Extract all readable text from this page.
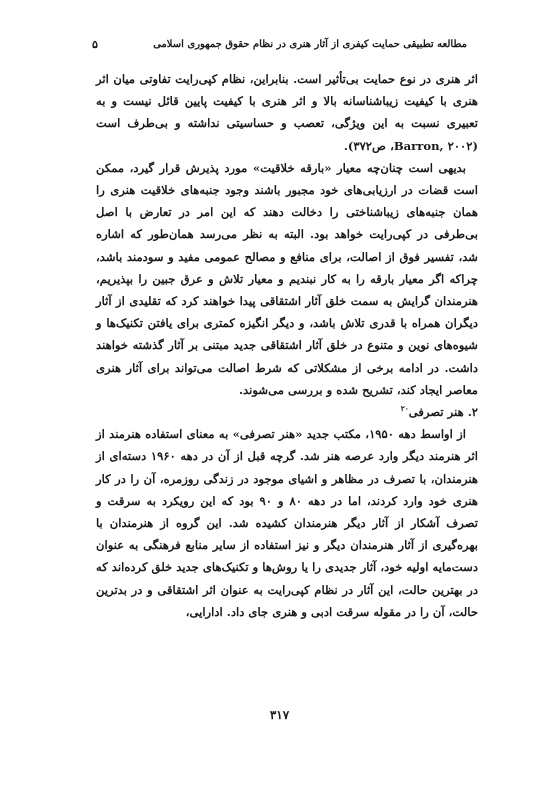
مطالعه تطبیقی حمایت کیفری از آثار هنری در نظام حقوق جمهوری اسلامی
۵

اثر هنری در نوع حمایت بی‌تأثیر است. بنابراین، نظام کپی‌رایت تفاوتی میان اثر هنری با کیفیت زیباشناسانه بالا و اثر هنری با کیفیت پایین قائل نیست و به تعبیری نسبت به این ویژگی، تعصب و حساسیتی نداشته و بی‌طرف است (Barron, ۲۰۰۲، ص۳۷۲).

بدیهی است چنان‌چه معیار «بارقه خلاقیت» مورد پذیرش قرار گیرد، ممکن است قضات در ارزیابی‌های خود مجبور باشند وجود جنبه‌های خلاقیت هنری را همان جنبه‌های زیباشناختی را دخالت دهند که این امر در تعارض با اصل بی‌طرفی در کپی‌رایت خواهد بود. البته به نظر می‌رسد همان‌طور که اشاره شد، تفسیر فوق از اصالت، برای منافع و مصالح عمومی مفید و سودمند باشد، چراکه اگر معیار بارقه را به کار نبندیم و معیار تلاش و عرق جبین را بپذیریم، هنرمندان گرایش به سمت خلق آثار اشتقاقی پیدا خواهند کرد که تقلیدی از آثار دیگران همراه با قدری تلاش باشد، و دیگر انگیزه کمتری برای یافتن تکنیک‌ها و شیوه‌های نوین و متنوع در خلق آثار اشتقاقی جدید مبتنی بر آثار گذشته خواهند داشت. در ادامه برخی از مشکلاتی که شرط اصالت می‌تواند برای آثار هنری معاصر ایجاد کند، تشریح شده و بررسی می‌شوند.

۲. هنر تصرفی$^{۲۰}$

از اواسط دهه ۱۹۵۰، مکتب جدید «هنر تصرفی» به معنای استفاده هنرمند از اثر هنرمند دیگر وارد عرصه هنر شد. گرچه قبل از آن در دهه ۱۹۶۰ دسته‌ای از هنرمندان، با تصرف در مظاهر و اشیای موجود در زندگی روزمره، آن را در کار هنری خود وارد کردند، اما در دهه ۸۰ و ۹۰ بود که این رویکرد به سرقت و تصرف آشکار از آثار دیگر هنرمندان کشیده شد. این گروه از هنرمندان با بهره‌گیری از آثار هنرمندان دیگر و نیز استفاده از سایر منابع فرهنگی به عنوان دست‌مایه اولیه خود، آثار جدیدی را یا روش‌ها و تکنیک‌های جدید خلق کرده‌اند که در بهترین حالت، این آثار در نظام کپی‌رایت به عنوان اثر اشتقاقی و در بدترین حالت، آن را در مقوله سرقت ادبی و هنری جای داد. ادارایی،

۳۱۷
